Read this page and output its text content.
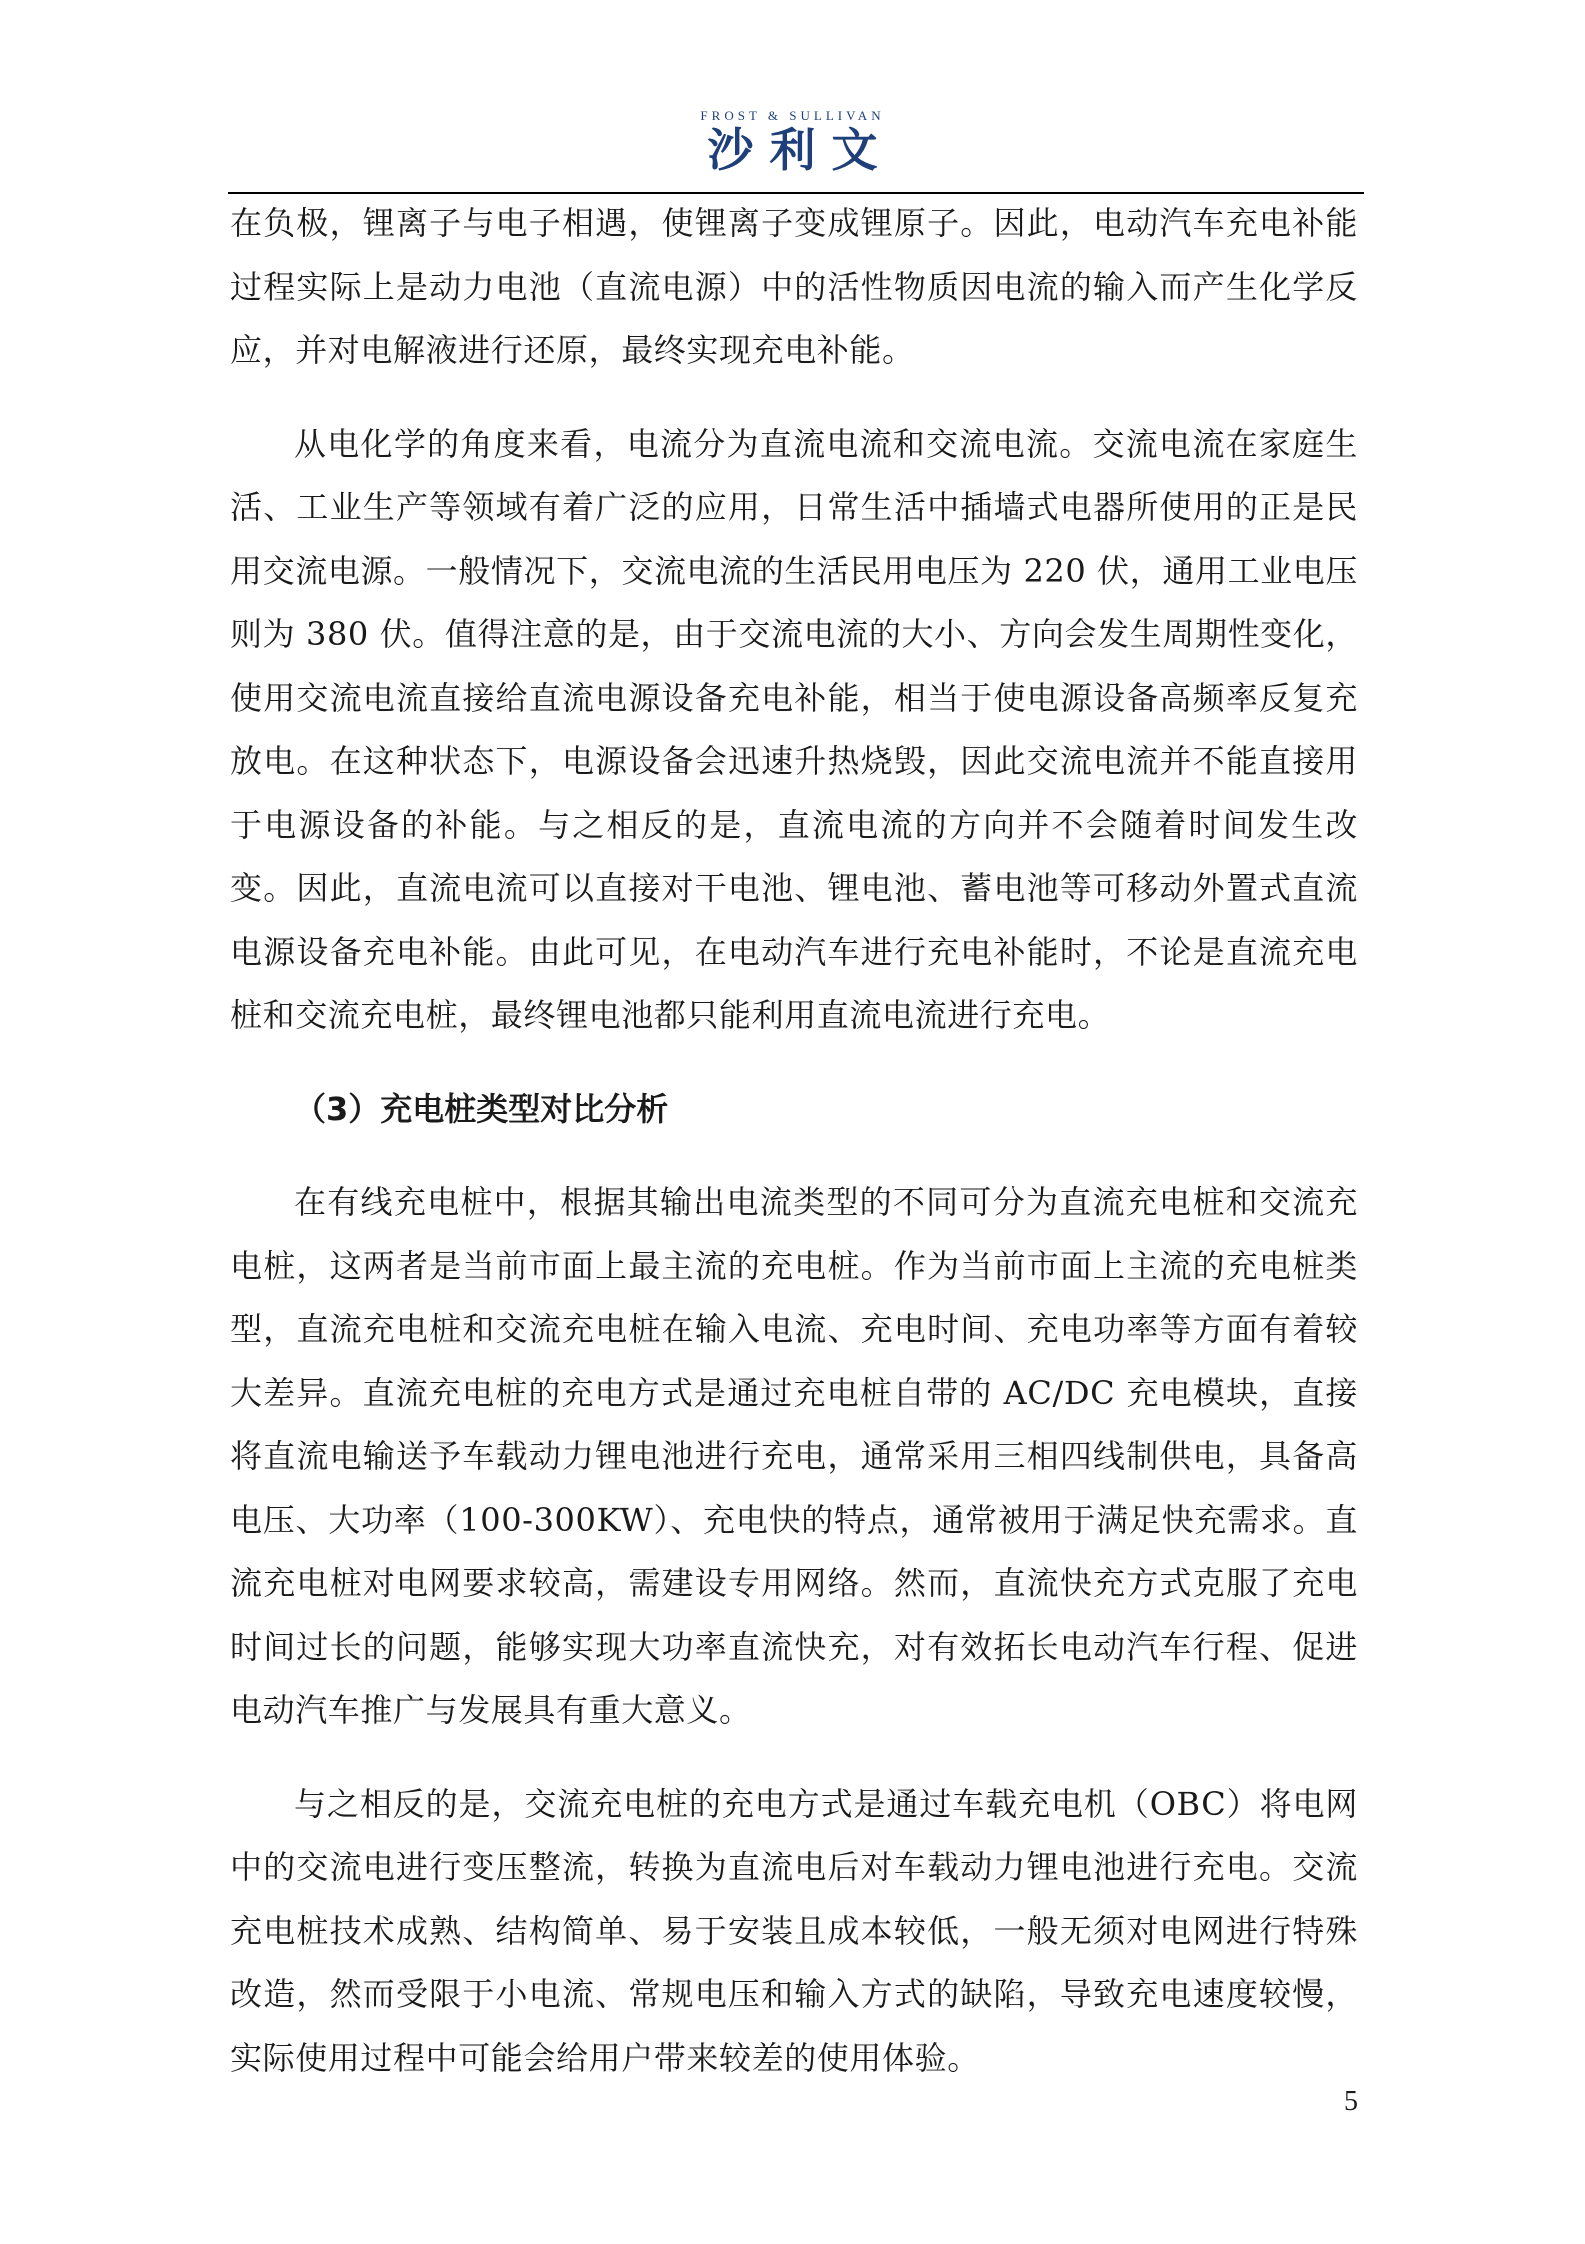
FROST & SULLIVAN
沙利文

在负极，锂离子与电子相遇，使锂离子变成锂原子。因此，电动汽车充电补能过程实际上是动力电池（直流电源）中的活性物质因电流的输入而产生化学反应，并对电解液进行还原，最终实现充电补能。

从电化学的角度来看，电流分为直流电流和交流电流。交流电流在家庭生活、工业生产等领域有着广泛的应用，日常生活中插墙式电器所使用的正是民用交流电源。一般情况下，交流电流的生活民用电压为 220 伏，通用工业电压则为 380 伏。值得注意的是，由于交流电流的大小、方向会发生周期性变化，使用交流电流直接给直流电源设备充电补能，相当于使电源设备高频率反复充放电。在这种状态下，电源设备会迅速升热烧毁，因此交流电流并不能直接用于电源设备的补能。与之相反的是，直流电流的方向并不会随着时间发生改变。因此，直流电流可以直接对干电池、锂电池、蓄电池等可移动外置式直流电源设备充电补能。由此可见，在电动汽车进行充电补能时，不论是直流充电桩和交流充电桩，最终锂电池都只能利用直流电流进行充电。

（3）充电桩类型对比分析

在有线充电桩中，根据其输出电流类型的不同可分为直流充电桩和交流充电桩，这两者是当前市面上最主流的充电桩。作为当前市面上主流的充电桩类型，直流充电桩和交流充电桩在输入电流、充电时间、充电功率等方面有着较大差异。直流充电桩的充电方式是通过充电桩自带的 AC/DC 充电模块，直接将直流电输送予车载动力锂电池进行充电，通常采用三相四线制供电，具备高电压、大功率（100-300KW）、充电快的特点，通常被用于满足快充需求。直流充电桩对电网要求较高，需建设专用网络。然而，直流快充方式克服了充电时间过长的问题，能够实现大功率直流快充，对有效拓长电动汽车行程、促进电动汽车推广与发展具有重大意义。

与之相反的是，交流充电桩的充电方式是通过车载充电机（OBC）将电网中的交流电进行变压整流，转换为直流电后对车载动力锂电池进行充电。交流充电桩技术成熟、结构简单、易于安装且成本较低，一般无须对电网进行特殊改造，然而受限于小电流、常规电压和输入方式的缺陷，导致充电速度较慢，实际使用过程中可能会给用户带来较差的使用体验。

5
